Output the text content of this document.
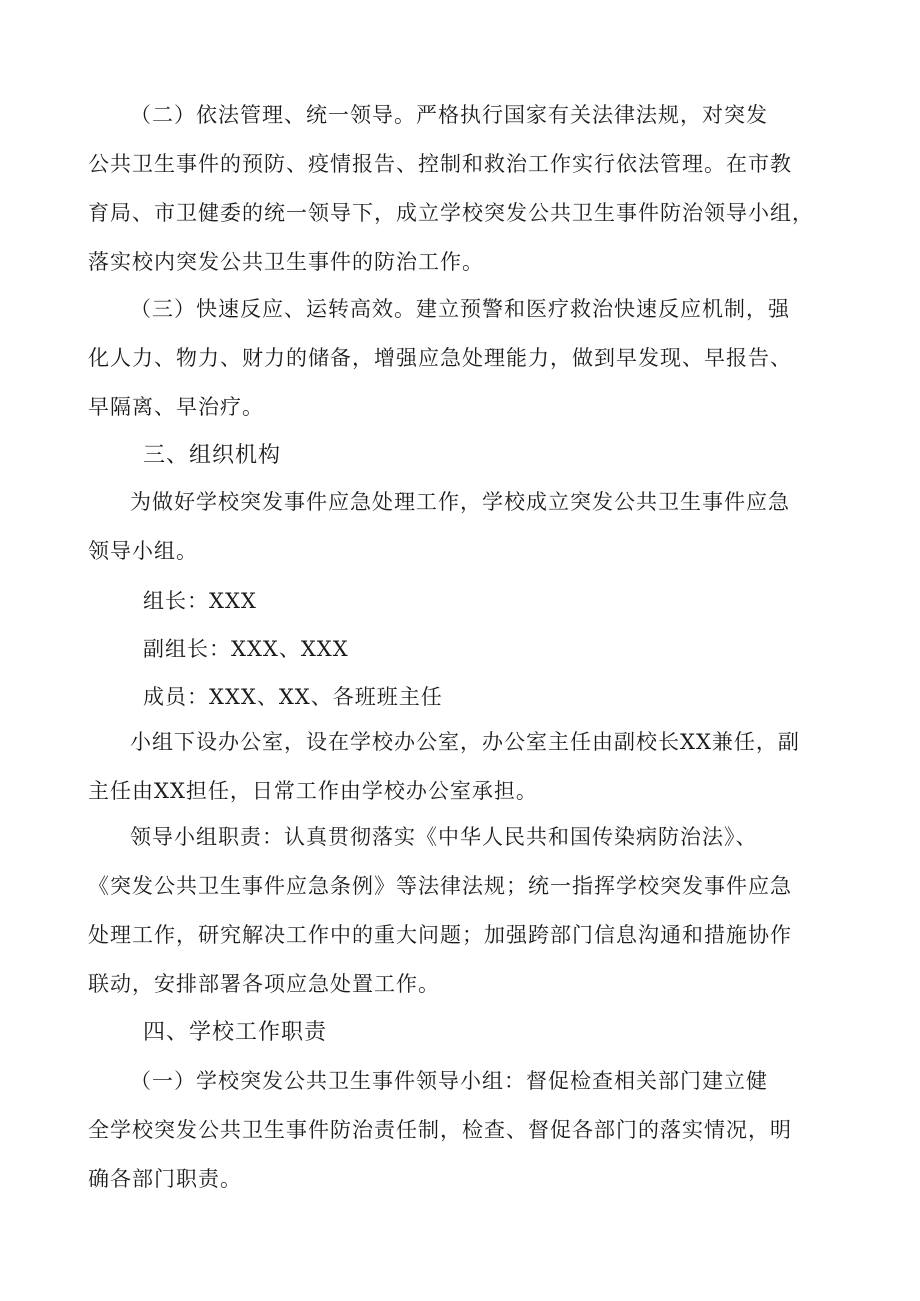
（二）依法管理、统一领导。严格执行国家有关法律法规，对突发
公共卫生事件的预防、疫情报告、控制和救治工作实行依法管理。在市教
育局、市卫健委的统一领导下，成立学校突发公共卫生事件防治领导小组，
落实校内突发公共卫生事件的防治工作。

（三）快速反应、运转高效。建立预警和医疗救治快速反应机制，强
化人力、物力、财力的储备，增强应急处理能力，做到早发现、早报告、
早隔离、早治疗。

三、组织机构

为做好学校突发事件应急处理工作，学校成立突发公共卫生事件应急
领导小组。

组长：XXX

副组长：XXX、XXX

成员：XXX、XX、各班班主任

小组下设办公室，设在学校办公室，办公室主任由副校长XX兼任，副
主任由XX担任，日常工作由学校办公室承担。

领导小组职责：认真贯彻落实《中华人民共和国传染病防治法》、
《突发公共卫生事件应急条例》等法律法规；统一指挥学校突发事件应急
处理工作，研究解决工作中的重大问题；加强跨部门信息沟通和措施协作
联动，安排部署各项应急处置工作。

四、学校工作职责

（一）学校突发公共卫生事件领导小组：督促检查相关部门建立健
全学校突发公共卫生事件防治责任制，检查、督促各部门的落实情况，明
确各部门职责。
